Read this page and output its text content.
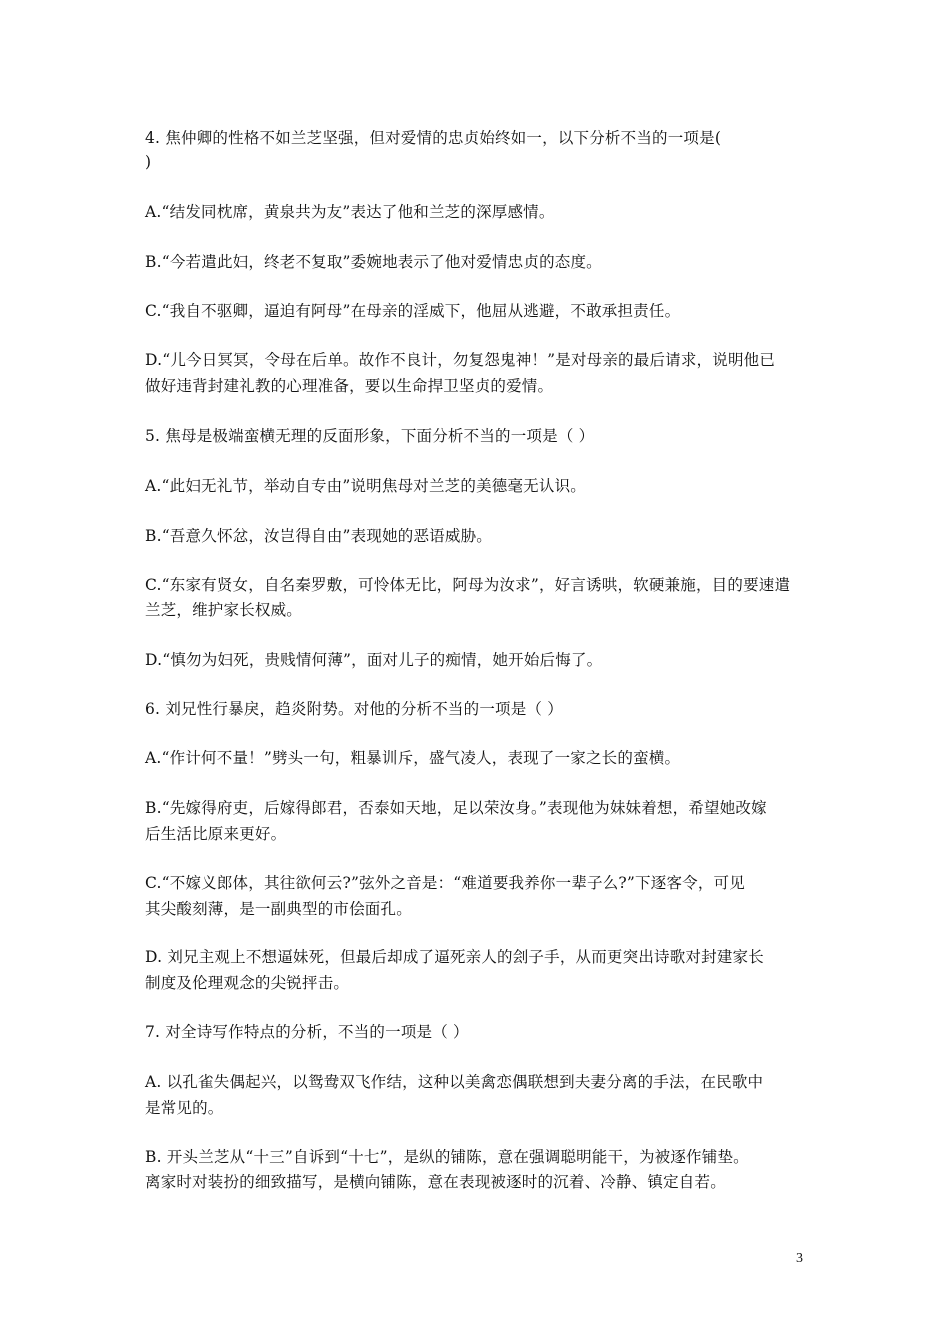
4. 焦仲卿的性格不如兰芝坚强，但对爱情的忠贞始终如一，以下分析不当的一项是(
)
A.“结发同枕席，黄泉共为友”表达了他和兰芝的深厚感情。
B.“今若遣此妇，终老不复取”委婉地表示了他对爱情忠贞的态度。
C.“我自不驱卿，逼迫有阿母”在母亲的淫威下，他屈从逃避，不敢承担责任。
D.“儿今日冥冥，令母在后单。故作不良计，勿复怨鬼神！”是对母亲的最后请求，说明他已
做好违背封建礼教的心理准备，要以生命捍卫坚贞的爱情。
5. 焦母是极端蛮横无理的反面形象，下面分析不当的一项是（ ）
A.“此妇无礼节，举动自专由”说明焦母对兰芝的美德毫无认识。
B.“吾意久怀忿，汝岂得自由”表现她的恶语威胁。
C.“东家有贤女，自名秦罗敷，可怜体无比，阿母为汝求”，好言诱哄，软硬兼施，目的要速遣
兰芝，维护家长权威。
D.“慎勿为妇死，贵贱情何薄”，面对儿子的痴情，她开始后悔了。
6. 刘兄性行暴戾，趋炎附势。对他的分析不当的一项是（ ）
A.“作计何不量！”劈头一句，粗暴训斥，盛气凌人，表现了一家之长的蛮横。
B.“先嫁得府吏，后嫁得郎君，否泰如天地，足以荣汝身。”表现他为妹妹着想，希望她改嫁
后生活比原来更好。
C.“不嫁义郎体，其往欲何云?”弦外之音是：“难道要我养你一辈子么?”下逐客令，可见
其尖酸刻薄，是一副典型的市侩面孔。
D. 刘兄主观上不想逼妹死，但最后却成了逼死亲人的刽子手，从而更突出诗歌对封建家长
制度及伦理观念的尖锐抨击。
7. 对全诗写作特点的分析，不当的一项是（ ）
A. 以孔雀失偶起兴，以鸳鸯双飞作结，这种以美禽恋偶联想到夫妻分离的手法，在民歌中
是常见的。
B. 开头兰芝从“十三”自诉到“十七”，是纵的铺陈，意在强调聪明能干，为被逐作铺垫。
离家时对装扮的细致描写，是横向铺陈，意在表现被逐时的沉着、冷静、镇定自若。
3
